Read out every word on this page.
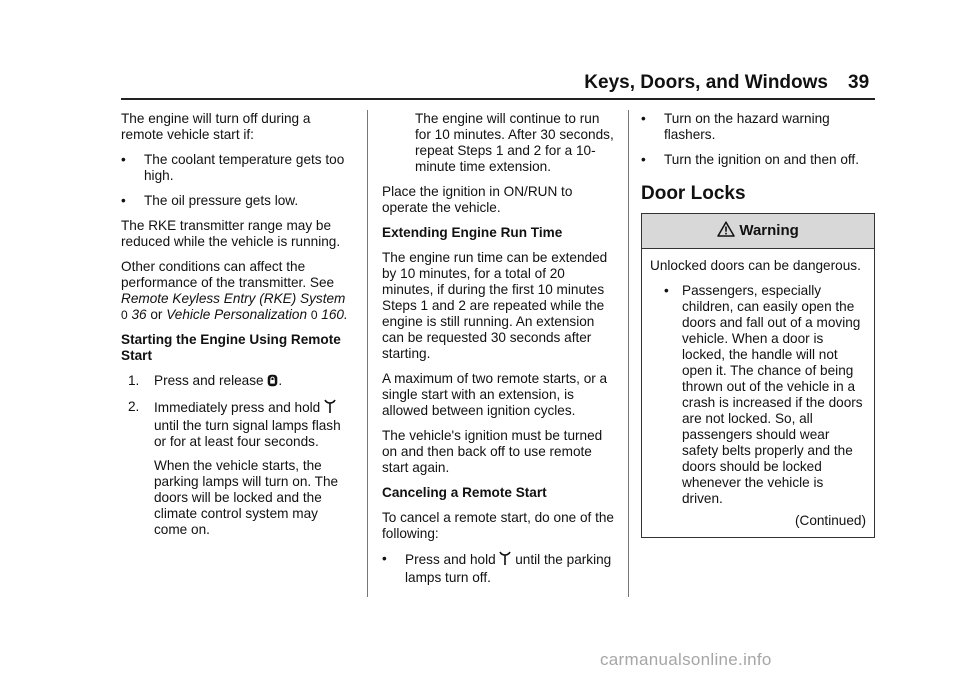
Keys, Doors, and Windows 39

The engine will turn off during a remote vehicle start if:

• The coolant temperature gets too high.
• The oil pressure gets low.

The RKE transmitter range may be reduced while the vehicle is running.

Other conditions can affect the performance of the transmitter. See Remote Keyless Entry (RKE) System 0 36 or Vehicle Personalization 0 160.

Starting the Engine Using Remote Start

1. Press and release .
2. Immediately press and hold  until the turn signal lamps flash or for at least four seconds.

When the vehicle starts, the parking lamps will turn on. The doors will be locked and the climate control system may come on.

The engine will continue to run for 10 minutes. After 30 seconds, repeat Steps 1 and 2 for a 10-minute time extension.

Place the ignition in ON/RUN to operate the vehicle.

Extending Engine Run Time

The engine run time can be extended by 10 minutes, for a total of 20 minutes, if during the first 10 minutes Steps 1 and 2 are repeated while the engine is still running. An extension can be requested 30 seconds after starting.

A maximum of two remote starts, or a single start with an extension, is allowed between ignition cycles.

The vehicle's ignition must be turned on and then back off to use remote start again.

Canceling a Remote Start

To cancel a remote start, do one of the following:

• Press and hold until the parking lamps turn off.
• Turn on the hazard warning flashers.
• Turn the ignition on and then off.
Door Locks
Warning

Unlocked doors can be dangerous.

• Passengers, especially children, can easily open the doors and fall out of a moving vehicle. When a door is locked, the handle will not open it. The chance of being thrown out of the vehicle in a crash is increased if the doors are not locked. So, all passengers should wear safety belts properly and the doors should be locked whenever the vehicle is driven.
(Continued)
carmanualsonline.info
